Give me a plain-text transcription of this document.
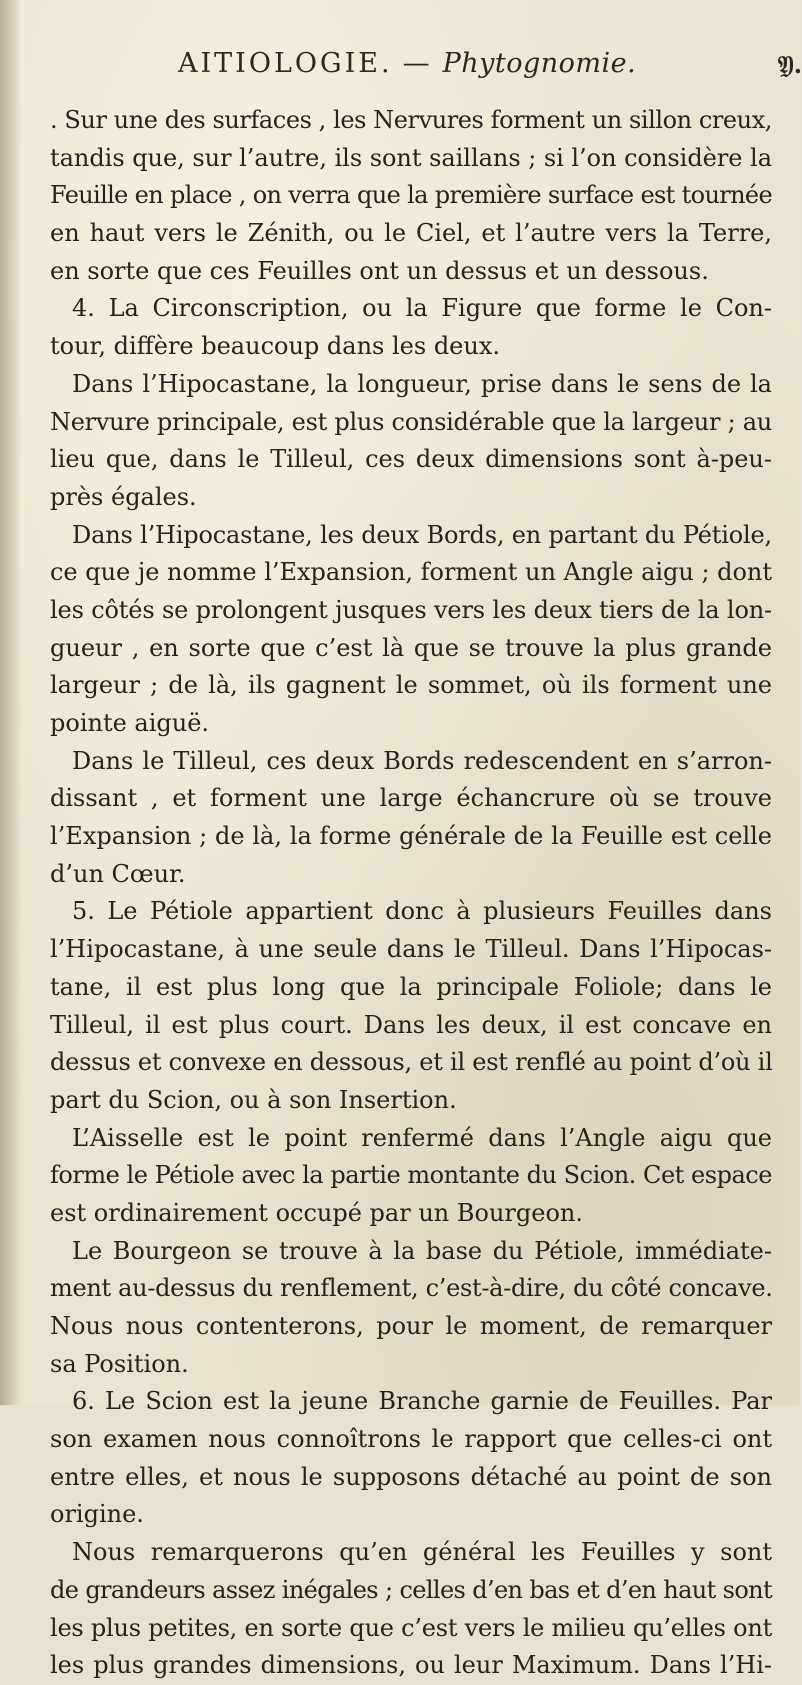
AITIOLOGIE. — Phytognomie.	𝔜.
. Sur une des surfaces , les Nervures forment un sillon creux,
tandis que, sur l’autre, ils sont saillans ; si l’on considère la
Feuille en place , on verra que la première surface est tournée
en haut vers le Zénith, ou le Ciel, et l’autre vers la Terre,
en sorte que ces Feuilles ont un dessus et un dessous.
4. La Circonscription, ou la Figure que forme le Con-
tour, diffère beaucoup dans les deux.
Dans l’Hipocastane, la longueur, prise dans le sens de la
Nervure principale, est plus considérable que la largeur ; au
lieu que, dans le Tilleul, ces deux dimensions sont à-peu-
près égales.
Dans l’Hipocastane, les deux Bords, en partant du Pétiole,
ce que je nomme l’Expansion, forment un Angle aigu ; dont
les côtés se prolongent jusques vers les deux tiers de la lon-
gueur , en sorte que c’est là que se trouve la plus grande
largeur ; de là, ils gagnent le sommet, où ils forment une
pointe aiguë.
Dans le Tilleul, ces deux Bords redescendent en s’arron-
dissant , et forment une large échancrure où se trouve
l’Expansion ; de là, la forme générale de la Feuille est celle
d’un Cœur.
5. Le Pétiole appartient donc à plusieurs Feuilles dans
l’Hipocastane, à une seule dans le Tilleul. Dans l’Hipocas-
tane, il est plus long que la principale Foliole; dans le
Tilleul, il est plus court. Dans les deux, il est concave en
dessus et convexe en dessous, et il est renflé au point d’où il
part du Scion, ou à son Insertion.
L’Aisselle est le point renfermé dans l’Angle aigu que
forme le Pétiole avec la partie montante du Scion. Cet espace
est ordinairement occupé par un Bourgeon.
Le Bourgeon se trouve à la base du Pétiole, immédiate-
ment au-dessus du renflement, c’est-à-dire, du côté concave.
Nous nous contenterons, pour le moment, de remarquer
sa Position.
6. Le Scion est la jeune Branche garnie de Feuilles. Par
son examen nous connoîtrons le rapport que celles-ci ont
entre elles, et nous le supposons détaché au point de son
origine.
Nous remarquerons qu’en général les Feuilles y sont
de grandeurs assez inégales ; celles d’en bas et d’en haut sont
les plus petites, en sorte que c’est vers le milieu qu’elles ont
les plus grandes dimensions, ou leur Maximum. Dans l’Hi-
